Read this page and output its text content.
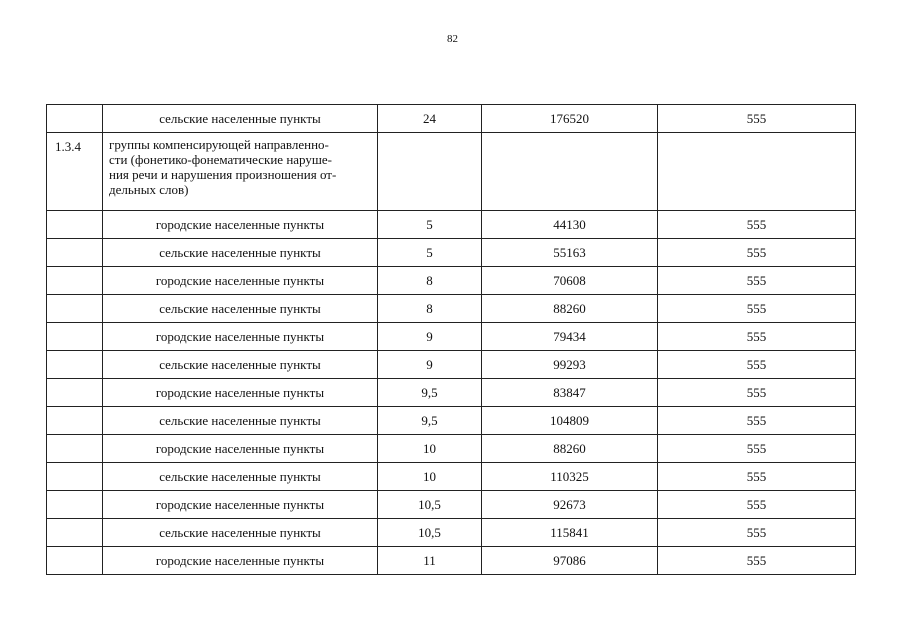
82
	сельские населенные пункты	24	176520	555
1.3.4	группы компенсирующей направленно-
сти (фонетико-фонематические наруше-
ния речи и нарушения произношения от-
дельных слов)			

	городские населенные пункты	5	44130	555
	сельские населенные пункты	5	55163	555
	городские населенные пункты	8	70608	555
	сельские населенные пункты	8	88260	555
	городские населенные пункты	9	79434	555
	сельские населенные пункты	9	99293	555
	городские населенные пункты	9,5	83847	555
	сельские населенные пункты	9,5	104809	555
	городские населенные пункты	10	88260	555
	сельские населенные пункты	10	110325	555
	городские населенные пункты	10,5	92673	555
	сельские населенные пункты	10,5	115841	555
	городские населенные пункты	11	97086	555
